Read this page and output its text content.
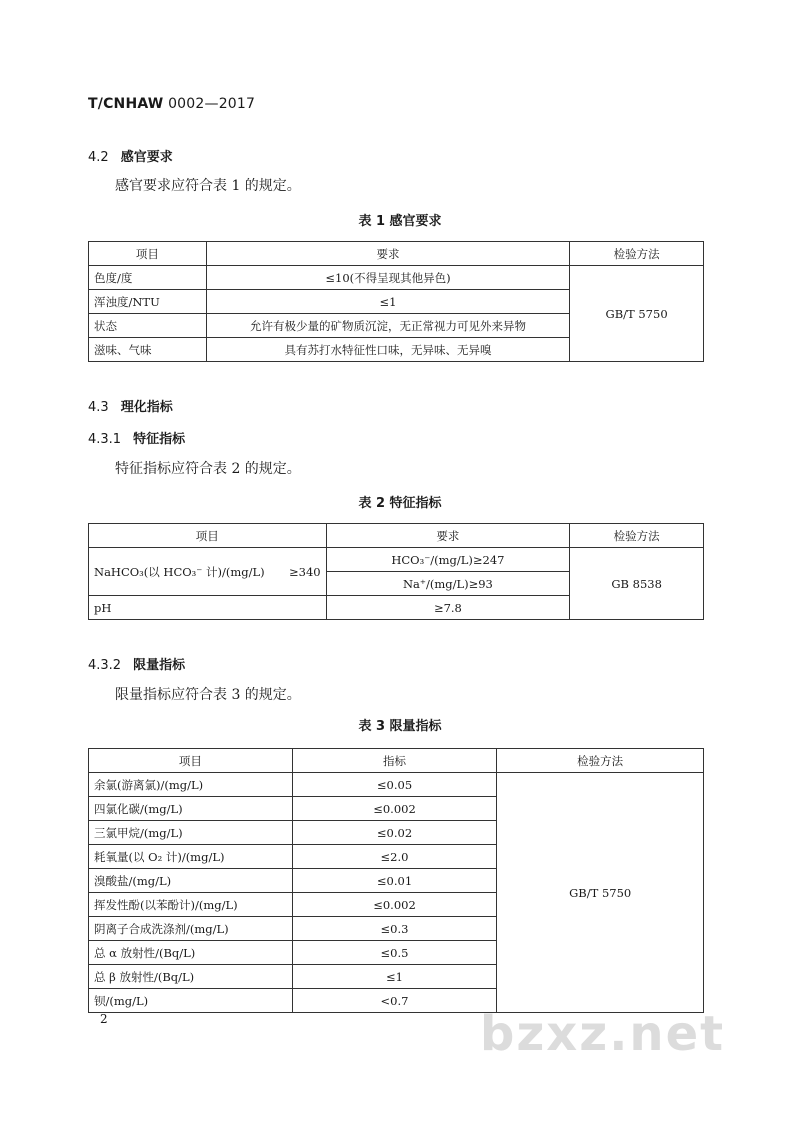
T/CNHAW 0002—2017
4.2 感官要求
感官要求应符合表 1 的规定。
表 1 感官要求
项目	要求	检验方法
色度/度	≤10(不得呈现其他异色)	GB/T 5750
浑浊度/NTU	≤1	
状态	允许有极少量的矿物质沉淀，无正常视力可见外来异物	
滋味、气味	具有苏打水特征性口味，无异味、无异嗅	
4.3 理化指标
4.3.1 特征指标
特征指标应符合表 2 的规定。
表 2 特征指标
项目	要求	检验方法

NaHCO₃(以 HCO₃⁻ 计)/(mg/L) ≥340	HCO₃⁻/(mg/L)≥247	GB 8538
	Na⁺/(mg/L)≥93	
pH	≥7.8	
4.3.2 限量指标
限量指标应符合表 3 的规定。
表 3 限量指标
项目	指标	检验方法
余氯(游离氯)/(mg/L)	≤0.05	GB/T 5750
四氯化碳/(mg/L)	≤0.002	
三氯甲烷/(mg/L)	≤0.02	
耗氧量(以 O₂ 计)/(mg/L)	≤2.0	
溴酸盐/(mg/L)	≤0.01	
挥发性酚(以苯酚计)/(mg/L)	≤0.002	
阴离子合成洗涤剂/(mg/L)	≤0.3	
总 α 放射性/(Bq/L)	≤0.5	
总 β 放射性/(Bq/L)	≤1	
钡/(mg/L)	<0.7	
2	bzxz.net
